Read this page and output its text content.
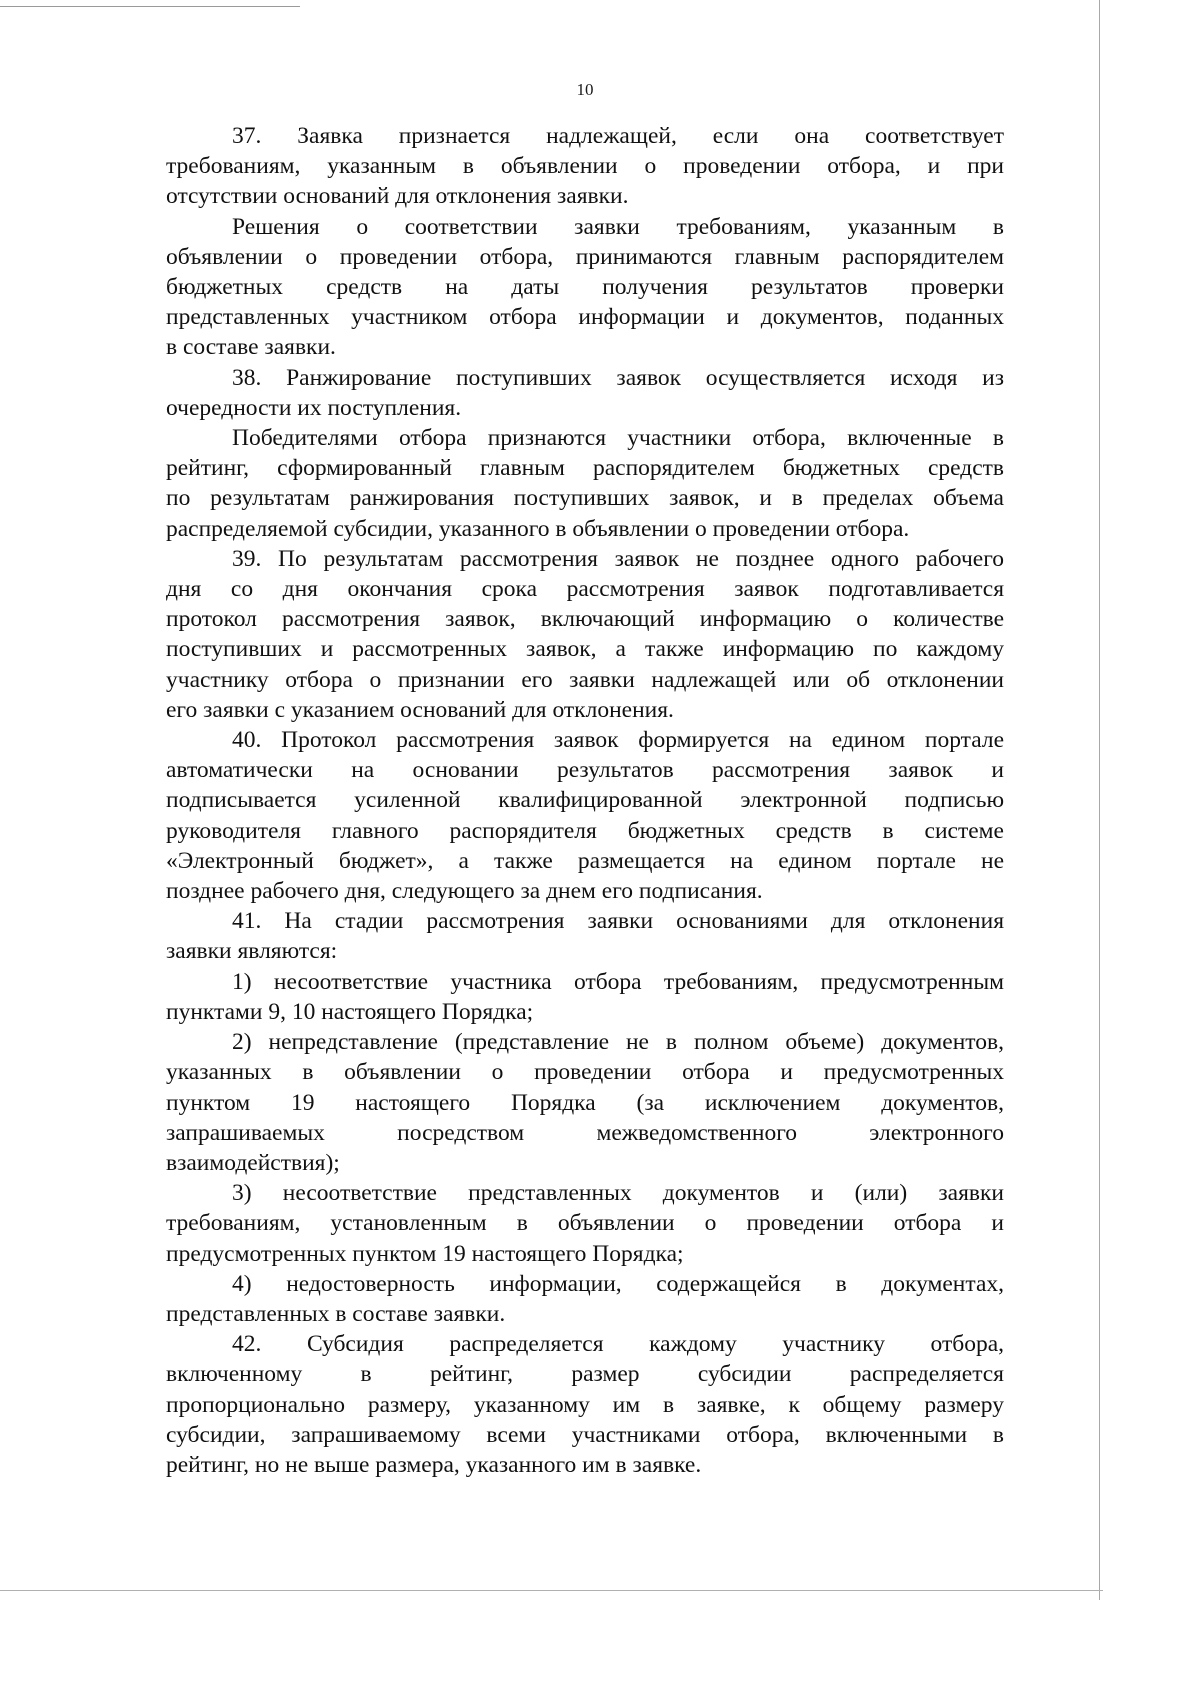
10
37. Заявка признается надлежащей, если она соответствует
требованиям, указанным в объявлении о проведении отбора, и при
отсутствии оснований для отклонения заявки.
Решения о соответствии заявки требованиям, указанным в
объявлении о проведении отбора, принимаются главным распорядителем
бюджетных средств на даты получения результатов проверки
представленных участником отбора информации и документов, поданных
в составе заявки.
38. Ранжирование поступивших заявок осуществляется исходя из
очередности их поступления.
Победителями отбора признаются участники отбора, включенные в
рейтинг, сформированный главным распорядителем бюджетных средств
по результатам ранжирования поступивших заявок, и в пределах объема
распределяемой субсидии, указанного в объявлении о проведении отбора.
39. По результатам рассмотрения заявок не позднее одного рабочего
дня со дня окончания срока рассмотрения заявок подготавливается
протокол рассмотрения заявок, включающий информацию о количестве
поступивших и рассмотренных заявок, а также информацию по каждому
участнику отбора о признании его заявки надлежащей или об отклонении
его заявки с указанием оснований для отклонения.
40. Протокол рассмотрения заявок формируется на едином портале
автоматически на основании результатов рассмотрения заявок и
подписывается усиленной квалифицированной электронной подписью
руководителя главного распорядителя бюджетных средств в системе
«Электронный бюджет», а также размещается на едином портале не
позднее рабочего дня, следующего за днем его подписания.
41. На стадии рассмотрения заявки основаниями для отклонения
заявки являются:
1) несоответствие участника отбора требованиям, предусмотренным
пунктами 9, 10 настоящего Порядка;
2) непредставление (представление не в полном объеме) документов,
указанных в объявлении о проведении отбора и предусмотренных
пунктом 19 настоящего Порядка (за исключением документов,
запрашиваемых посредством межведомственного электронного
взаимодействия);
3) несоответствие представленных документов и (или) заявки
требованиям, установленным в объявлении о проведении отбора и
предусмотренных пунктом 19 настоящего Порядка;
4) недостоверность информации, содержащейся в документах,
представленных в составе заявки.
42. Субсидия распределяется каждому участнику отбора,
включенному в рейтинг, размер субсидии распределяется
пропорционально размеру, указанному им в заявке, к общему размеру
субсидии, запрашиваемому всеми участниками отбора, включенными в
рейтинг, но не выше размера, указанного им в заявке.
